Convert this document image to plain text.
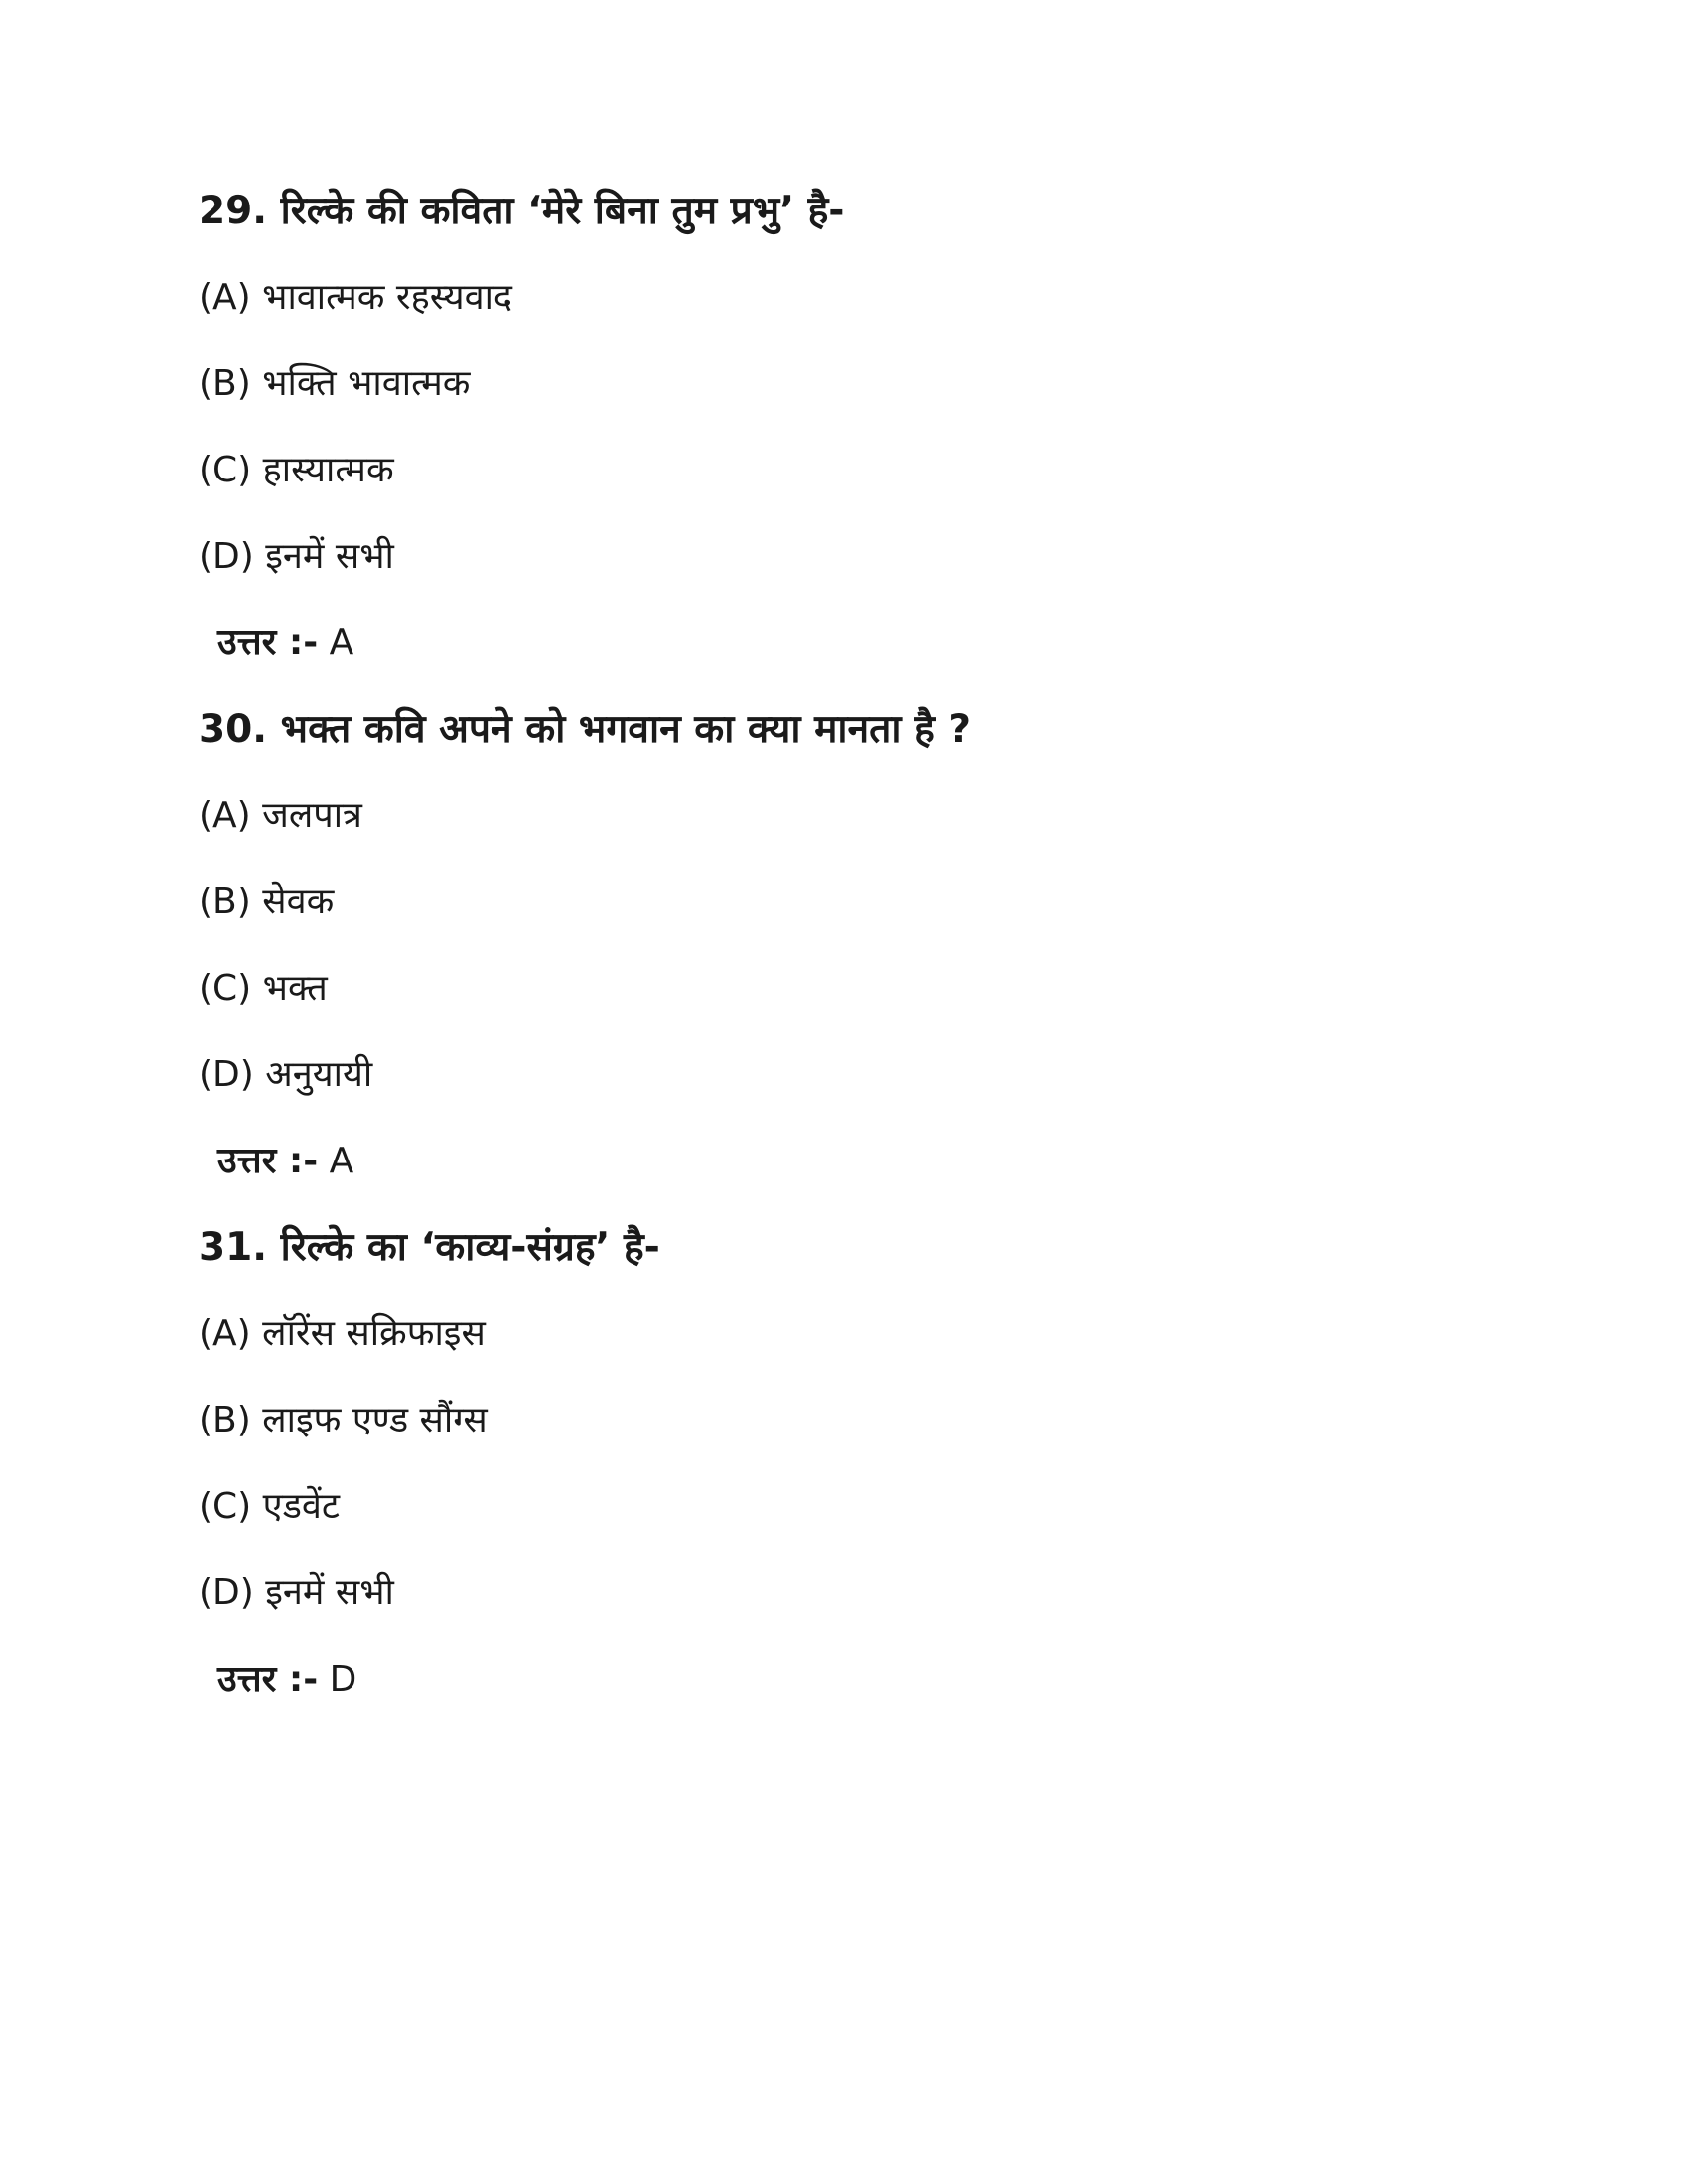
29. रिल्के की कविता ‘मेरे बिना तुम प्रभु’ है-
(A) भावात्मक रहस्यवाद
(B) भक्ति भावात्मक
(C) हास्यात्मक
(D) इनमें सभी
उत्तर :- A
30. भक्त कवि अपने को भगवान का क्या मानता है ?
(A) जलपात्र
(B) सेवक
(C) भक्त
(D) अनुयायी
उत्तर :- A
31. रिल्के का ‘काव्य-संग्रह’ है-
(A) लॉरेंस सक्रिफाइस
(B) लाइफ एण्ड सौंग्स
(C) एडवेंट
(D) इनमें सभी
उत्तर :- D
